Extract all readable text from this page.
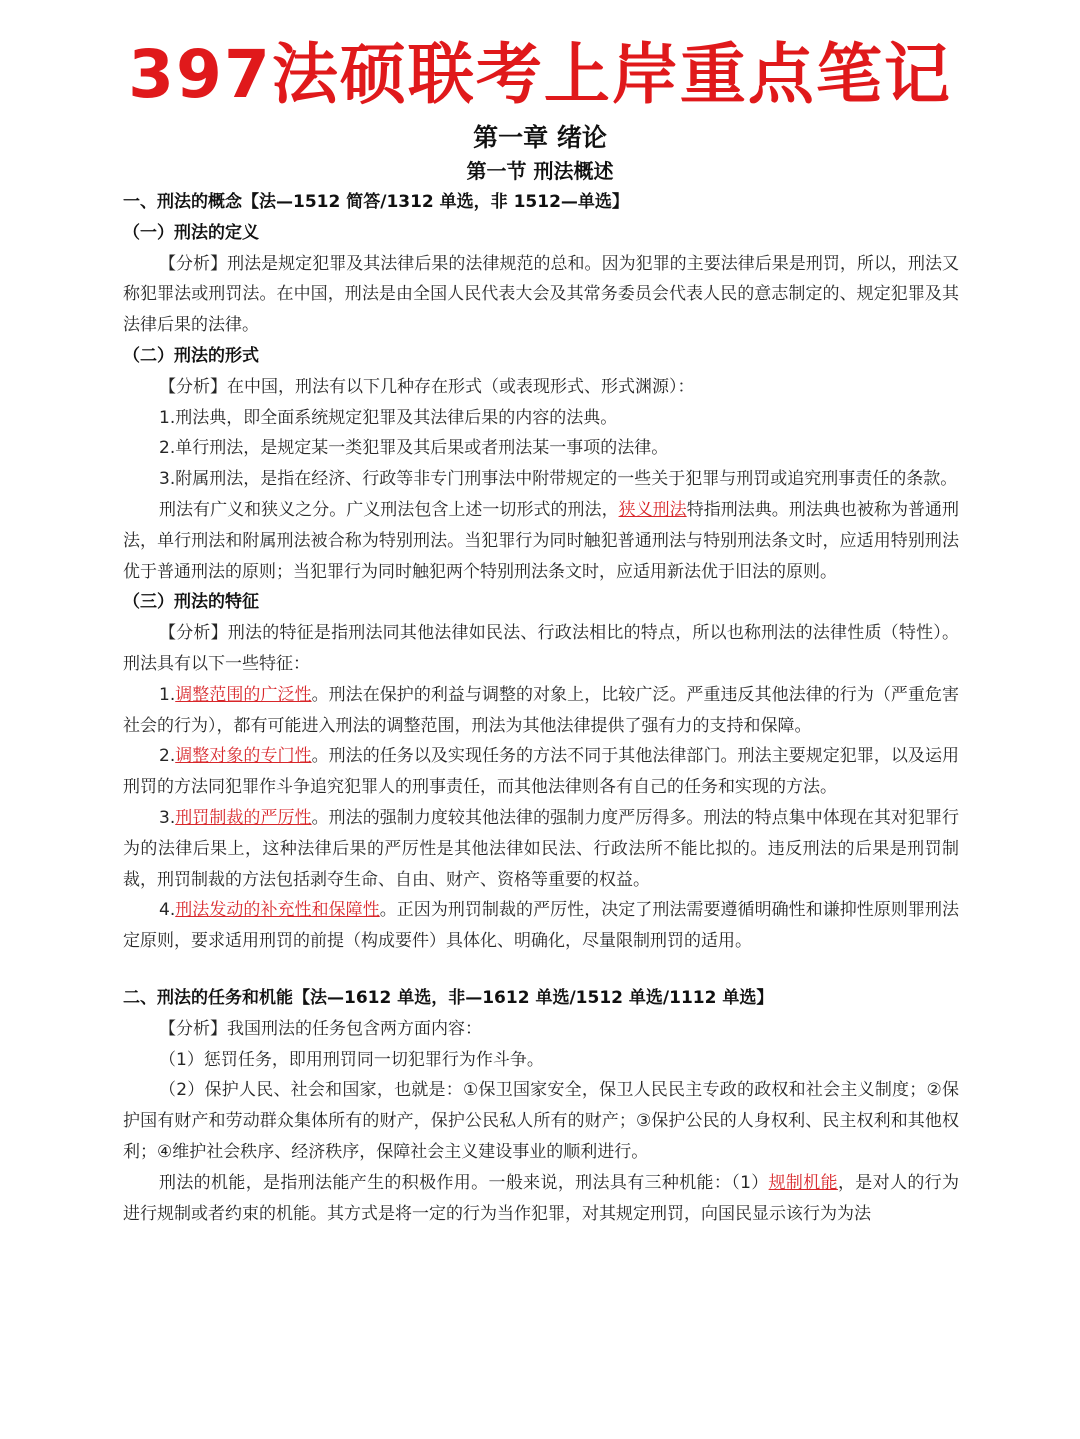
397法硕联考上岸重点笔记
第一章 绪论
第一节 刑法概述

一、刑法的概念【法—1512 简答/1312 单选，非 1512—单选】

（一）刑法的定义

【分析】刑法是规定犯罪及其法律后果的法律规范的总和。因为犯罪的主要法律后果是刑罚，所以，刑法又称犯罪法或刑罚法。在中国，刑法是由全国人民代表大会及其常务委员会代表人民的意志制定的、规定犯罪及其法律后果的法律。

（二）刑法的形式

【分析】在中国，刑法有以下几种存在形式（或表现形式、形式渊源）：

1.刑法典，即全面系统规定犯罪及其法律后果的内容的法典。

2.单行刑法，是规定某一类犯罪及其后果或者刑法某一事项的法律。

3.附属刑法，是指在经济、行政等非专门刑事法中附带规定的一些关于犯罪与刑罚或追究刑事责任的条款。

刑法有广义和狭义之分。广义刑法包含上述一切形式的刑法，狭义刑法特指刑法典。刑法典也被称为普通刑法，单行刑法和附属刑法被合称为特别刑法。当犯罪行为同时触犯普通刑法与特别刑法条文时，应适用特别刑法优于普通刑法的原则；当犯罪行为同时触犯两个特别刑法条文时，应适用新法优于旧法的原则。

（三）刑法的特征

【分析】刑法的特征是指刑法同其他法律如民法、行政法相比的特点，所以也称刑法的法律性质（特性）。刑法具有以下一些特征：

1.调整范围的广泛性。刑法在保护的利益与调整的对象上，比较广泛。严重违反其他法律的行为（严重危害社会的行为），都有可能进入刑法的调整范围，刑法为其他法律提供了强有力的支持和保障。

2.调整对象的专门性。刑法的任务以及实现任务的方法不同于其他法律部门。刑法主要规定犯罪，以及运用刑罚的方法同犯罪作斗争追究犯罪人的刑事责任，而其他法律则各有自己的任务和实现的方法。

3.刑罚制裁的严厉性。刑法的强制力度较其他法律的强制力度严厉得多。刑法的特点集中体现在其对犯罪行为的法律后果上，这种法律后果的严厉性是其他法律如民法、行政法所不能比拟的。违反刑法的后果是刑罚制裁，刑罚制裁的方法包括剥夺生命、自由、财产、资格等重要的权益。

4.刑法发动的补充性和保障性。正因为刑罚制裁的严厉性，决定了刑法需要遵循明确性和谦抑性原则罪刑法定原则，要求适用刑罚的前提（构成要件）具体化、明确化，尽量限制刑罚的适用。

二、刑法的任务和机能【法—1612 单选，非—1612 单选/1512 单选/1112 单选】

【分析】我国刑法的任务包含两方面内容：

（1）惩罚任务，即用刑罚同一切犯罪行为作斗争。

（2）保护人民、社会和国家，也就是：①保卫国家安全，保卫人民民主专政的政权和社会主义制度；②保护国有财产和劳动群众集体所有的财产，保护公民私人所有的财产；③保护公民的人身权利、民主权利和其他权利；④维护社会秩序、经济秩序，保障社会主义建设事业的顺利进行。

刑法的机能，是指刑法能产生的积极作用。一般来说，刑法具有三种机能：（1）规制机能，是对人的行为进行规制或者约束的机能。其方式是将一定的行为当作犯罪，对其规定刑罚，向国民显示该行为为法
